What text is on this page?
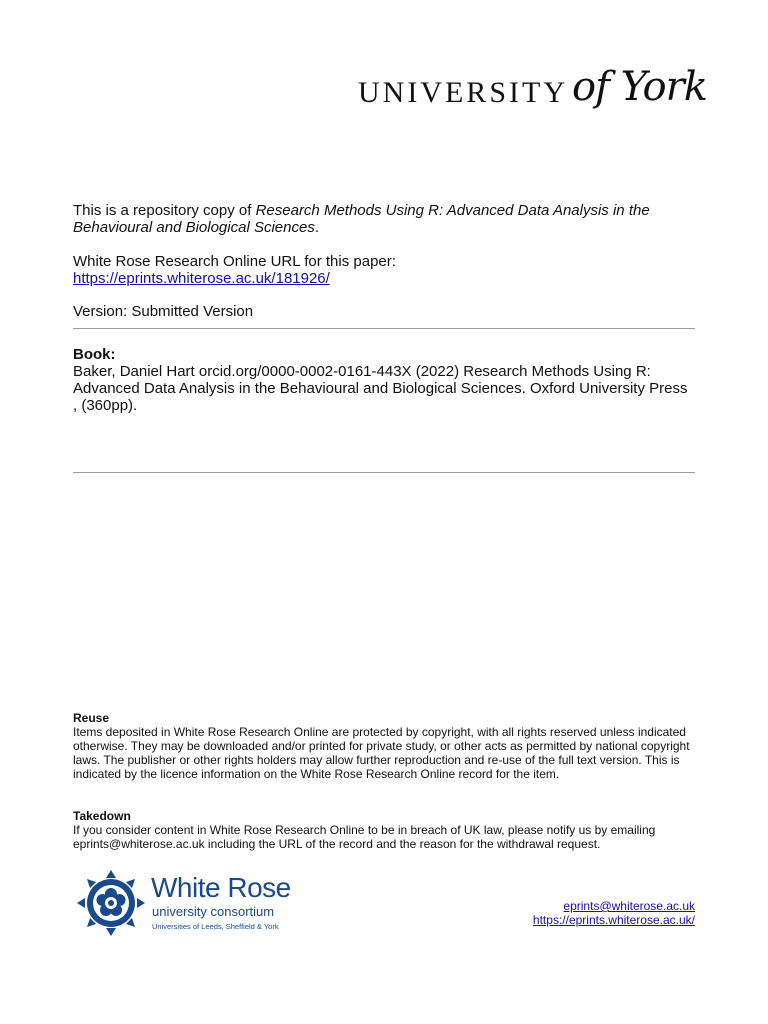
UNIVERSITY of York
This is a repository copy of Research Methods Using R: Advanced Data Analysis in the Behavioural and Biological Sciences.
White Rose Research Online URL for this paper:
https://eprints.whiterose.ac.uk/181926/
Version: Submitted Version
Book:
Baker, Daniel Hart orcid.org/0000-0002-0161-443X (2022) Research Methods Using R: Advanced Data Analysis in the Behavioural and Biological Sciences. Oxford University Press , (360pp).
Reuse
Items deposited in White Rose Research Online are protected by copyright, with all rights reserved unless indicated otherwise. They may be downloaded and/or printed for private study, or other acts as permitted by national copyright laws. The publisher or other rights holders may allow further reproduction and re-use of the full text version. This is indicated by the licence information on the White Rose Research Online record for the item.
Takedown
If you consider content in White Rose Research Online to be in breach of UK law, please notify us by emailing eprints@whiterose.ac.uk including the URL of the record and the reason for the withdrawal request.
White Rose
university consortium
Universities of Leeds, Sheffield & York
eprints@whiterose.ac.uk
https://eprints.whiterose.ac.uk/
